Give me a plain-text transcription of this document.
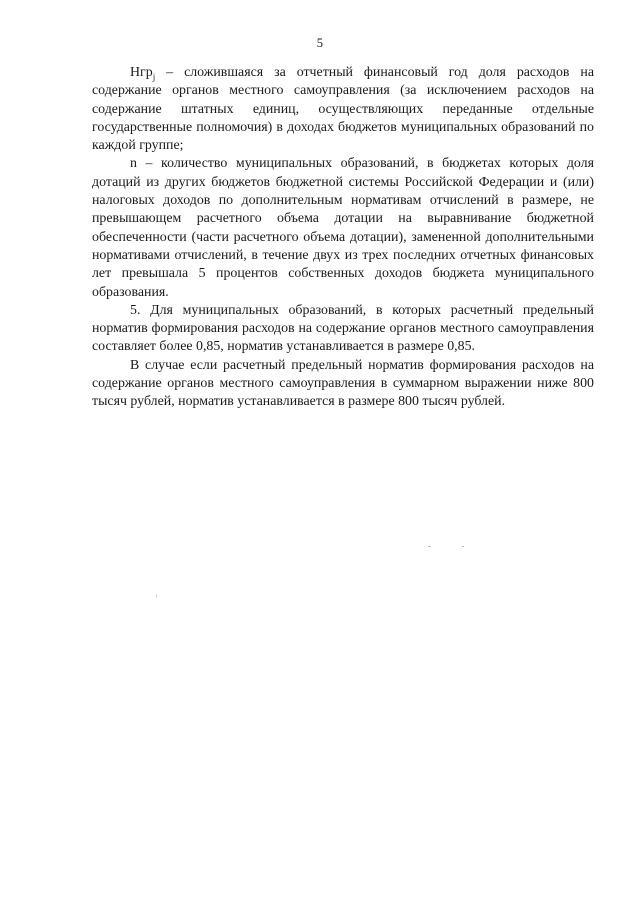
5

Нгр$_j$ – сложившаяся за отчетный финансовый год доля расходов на содержание органов местного самоуправления (за исключением расходов на содержание штатных единиц, осуществляющих переданные отдельные государственные полномочия) в доходах бюджетов муниципальных образований по каждой группе;

n – количество муниципальных образований, в бюджетах которых доля дотаций из других бюджетов бюджетной системы Российской Федерации и (или) налоговых доходов по дополнительным нормативам отчислений в размере, не превышающем расчетного объема дотации на выравнивание бюджетной обеспеченности (части расчетного объема дотации), замененной дополнительными нормативами отчислений, в течение двух из трех последних отчетных финансовых лет превышала 5 процентов собственных доходов бюджета муниципального образования.

5. Для муниципальных образований, в которых расчетный предельный норматив формирования расходов на содержание органов местного самоуправления составляет более 0,85, норматив устанавливается в размере 0,85.

В случае если расчетный предельный норматив формирования расходов на содержание органов местного самоуправления в суммарном выражении ниже 800 тысяч рублей, норматив устанавливается в размере 800 тысяч рублей.
